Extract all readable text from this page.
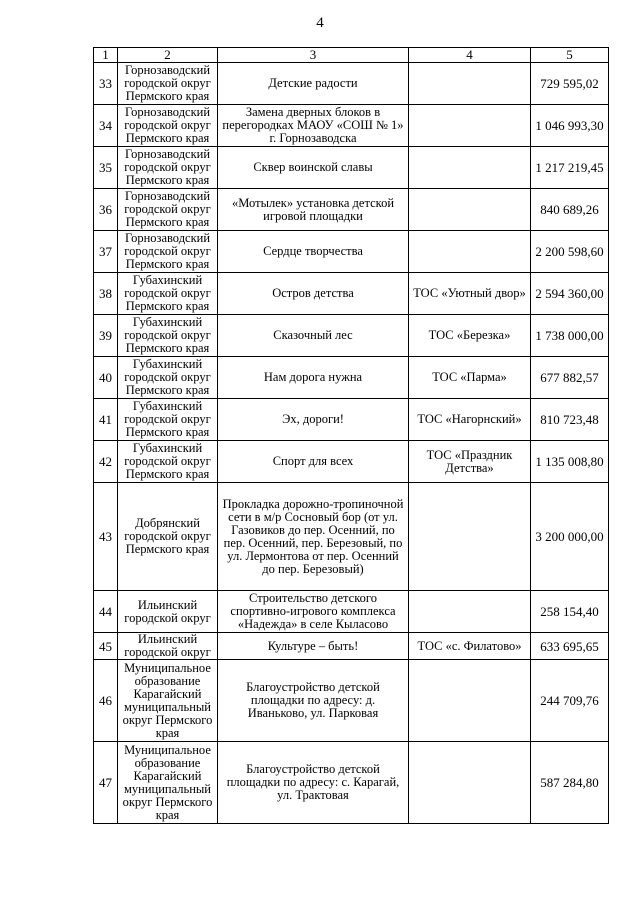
4
1	2	3	4	5
33	Горнозаводский городской округ Пермского края	Детские радости		729 595,02
34	Горнозаводский городской округ Пермского края	Замена дверных блоков в перегородках МАОУ «СОШ № 1» г. Горнозаводска		1 046 993,30
35	Горнозаводский городской округ Пермского края	Сквер воинской славы		1 217 219,45
36	Горнозаводский городской округ Пермского края	«Мотылек» установка детской игровой площадки		840 689,26
37	Горнозаводский городской округ Пермского края	Сердце творчества		2 200 598,60
38	Губахинский городской округ Пермского края	Остров детства	ТОС «Уютный двор»	2 594 360,00
39	Губахинский городской округ Пермского края	Сказочный лес	ТОС «Березка»	1 738 000,00
40	Губахинский городской округ Пермского края	Нам дорога нужна	ТОС «Парма»	677 882,57
41	Губахинский городской округ Пермского края	Эх, дороги!	ТОС «Нагорнский»	810 723,48
42	Губахинский городской округ Пермского края	Спорт для всех	ТОС «Праздник Детства»	1 135 008,80
43	Добрянский городской округ Пермского края	Прокладка дорожно-тропиночной сети в м/р Сосновый бор (от ул. Газовиков до пер. Осенний, по пер. Осенний, пер. Березовый, по ул. Лермонтова от пер. Осенний до пер. Березовый)		3 200 000,00
44	Ильинский городской округ	Строительство детского спортивно-игрового комплекса «Надежда» в селе Кыласово		258 154,40
45	Ильинский городской округ	Культуре – быть!	ТОС «с. Филатово»	633 695,65
46	Муниципальное образование Карагайский муниципальный округ Пермского края	Благоустройство детской площадки по адресу: д. Иваньково, ул. Парковая		244 709,76
47	Муниципальное образование Карагайский муниципальный округ Пермского края	Благоустройство детской площадки по адресу: с. Карагай, ул. Трактовая		587 284,80
